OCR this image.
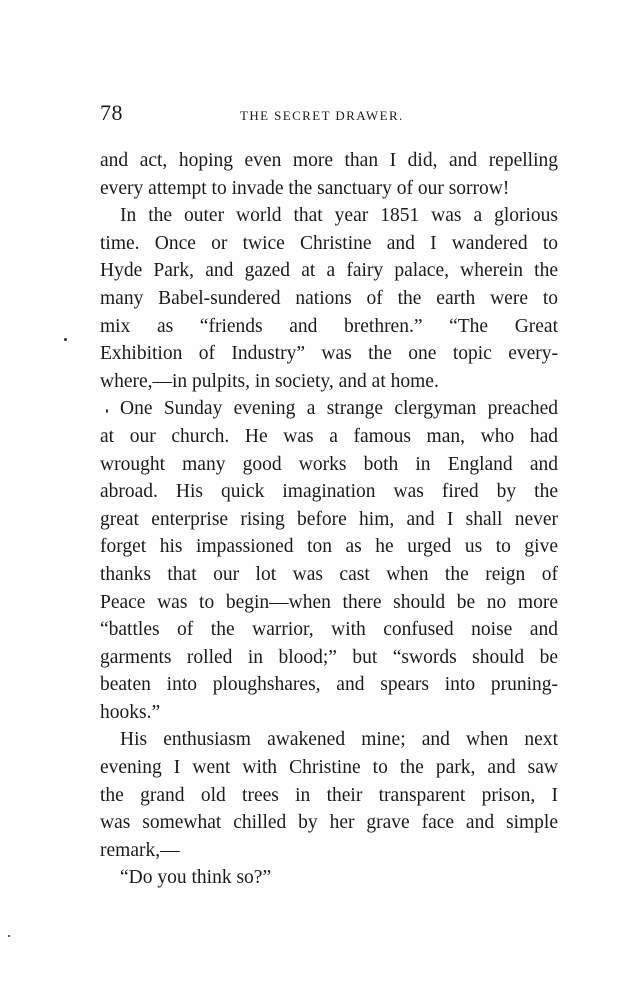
78	THE SECRET DRAWER.
and act, hoping even more than I did, and repelling
every attempt to invade the sanctuary of our sorrow!
In the outer world that year 1851 was a glorious
time. Once or twice Christine and I wandered to
Hyde Park, and gazed at a fairy palace, wherein the
many Babel-sundered nations of the earth were to
mix as “friends and brethren.” “The Great
Exhibition of Industry” was the one topic every-
where,—in pulpits, in society, and at home.
One Sunday evening a strange clergyman preached
at our church. He was a famous man, who had
wrought many good works both in England and
abroad. His quick imagination was fired by the
great enterprise rising before him, and I shall never
forget his impassioned ton as he urged us to give
thanks that our lot was cast when the reign of
Peace was to begin—when there should be no more
“battles of the warrior, with confused noise and
garments rolled in blood;” but “swords should be
beaten into ploughshares, and spears into pruning-
hooks.”
His enthusiasm awakened mine; and when next
evening I went with Christine to the park, and saw
the grand old trees in their transparent prison, I
was somewhat chilled by her grave face and simple
remark,—
“Do you think so?”
